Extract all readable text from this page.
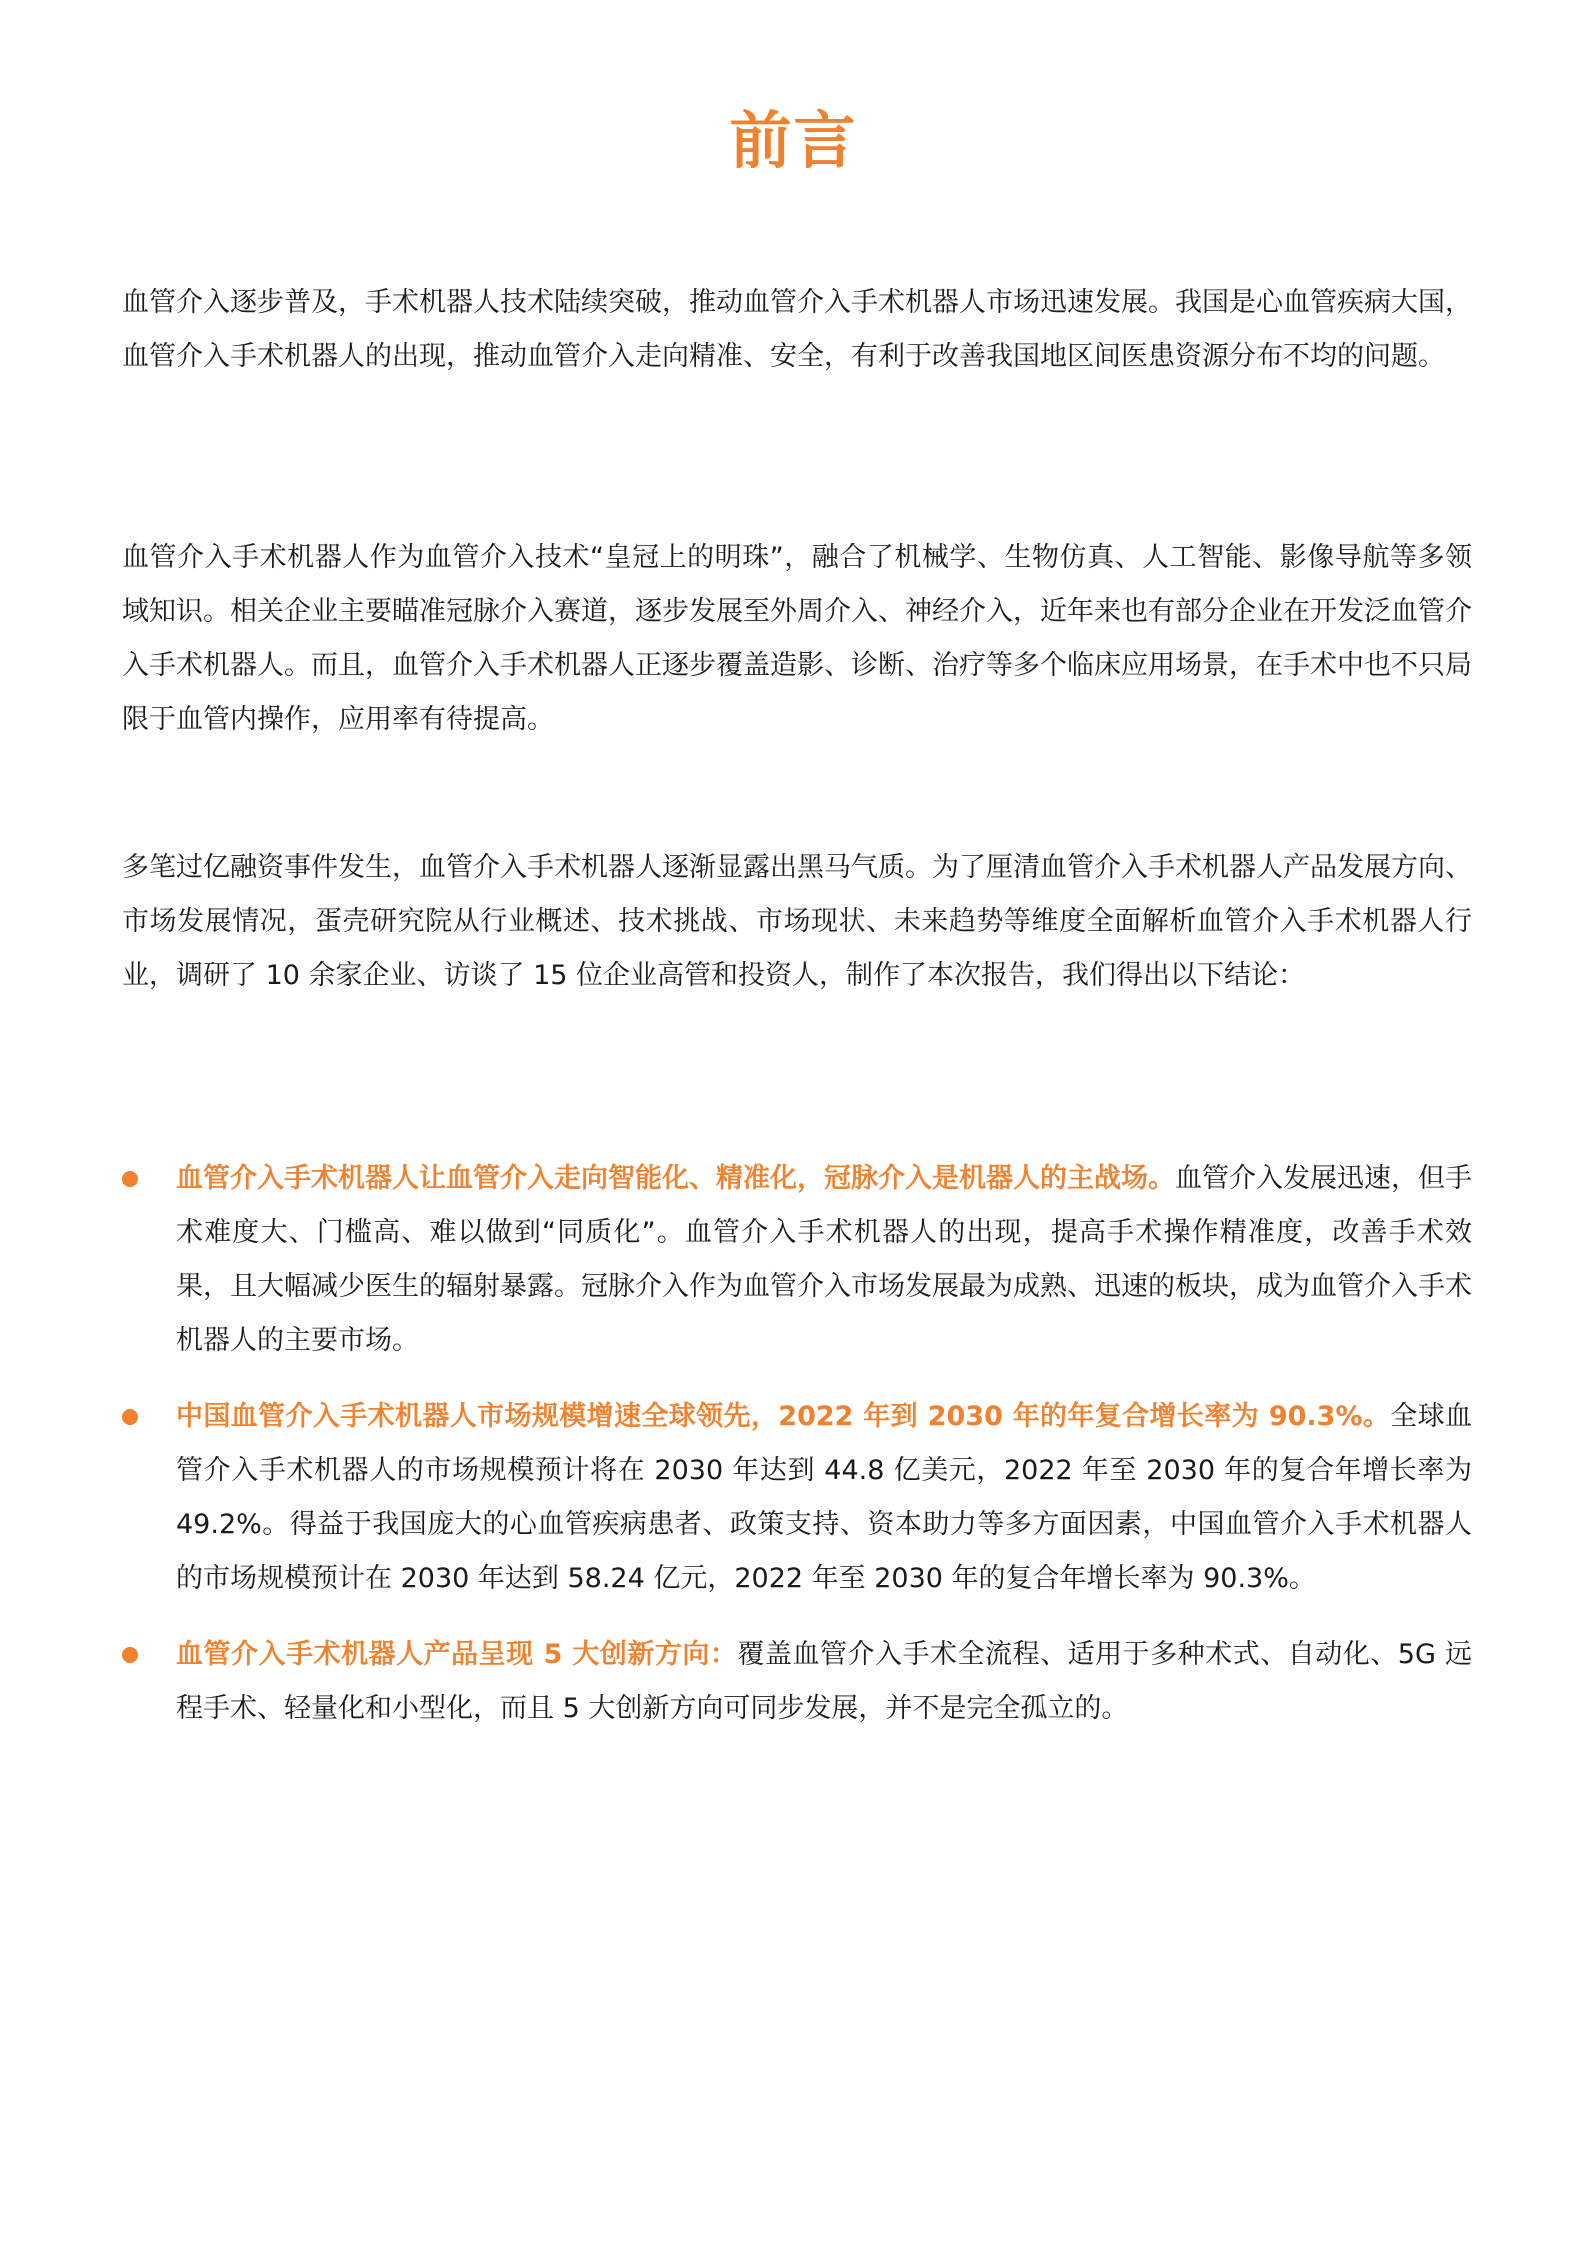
前言

血管介入逐步普及，手术机器人技术陆续突破，推动血管介入手术机器人市场迅速发展。我国是心血管疾病大国，血管介入手术机器人的出现，推动血管介入走向精准、安全，有利于改善我国地区间医患资源分布不均的问题。

血管介入手术机器人作为血管介入技术“皇冠上的明珠”，融合了机械学、生物仿真、人工智能、影像导航等多领域知识。相关企业主要瞄准冠脉介入赛道，逐步发展至外周介入、神经介入，近年来也有部分企业在开发泛血管介入手术机器人。而且，血管介入手术机器人正逐步覆盖造影、诊断、治疗等多个临床应用场景，在手术中也不只局限于血管内操作，应用率有待提高。

多笔过亿融资事件发生，血管介入手术机器人逐渐显露出黑马气质。为了厘清血管介入手术机器人产品发展方向、市场发展情况，蛋壳研究院从行业概述、技术挑战、市场现状、未来趋势等维度全面解析血管介入手术机器人行业，调研了 10 余家企业、访谈了 15 位企业高管和投资人，制作了本次报告，我们得出以下结论：

血管介入手术机器人让血管介入走向智能化、精准化，冠脉介入是机器人的主战场。血管介入发展迅速，但手术难度大、门槛高、难以做到“同质化”。血管介入手术机器人的出现，提高手术操作精准度，改善手术效果，且大幅减少医生的辐射暴露。冠脉介入作为血管介入市场发展最为成熟、迅速的板块，成为血管介入手术机器人的主要市场。
中国血管介入手术机器人市场规模增速全球领先，2022 年到 2030 年的年复合增长率为 90.3%。全球血管介入手术机器人的市场规模预计将在 2030 年达到 44.8 亿美元，2022 年至 2030 年的复合年增长率为 49.2%。得益于我国庞大的心血管疾病患者、政策支持、资本助力等多方面因素，中国血管介入手术机器人的市场规模预计在 2030 年达到 58.24 亿元，2022 年至 2030 年的复合年增长率为 90.3%。
血管介入手术机器人产品呈现 5 大创新方向：覆盖血管介入手术全流程、适用于多种术式、自动化、5G 远程手术、轻量化和小型化，而且 5 大创新方向可同步发展，并不是完全孤立的。
